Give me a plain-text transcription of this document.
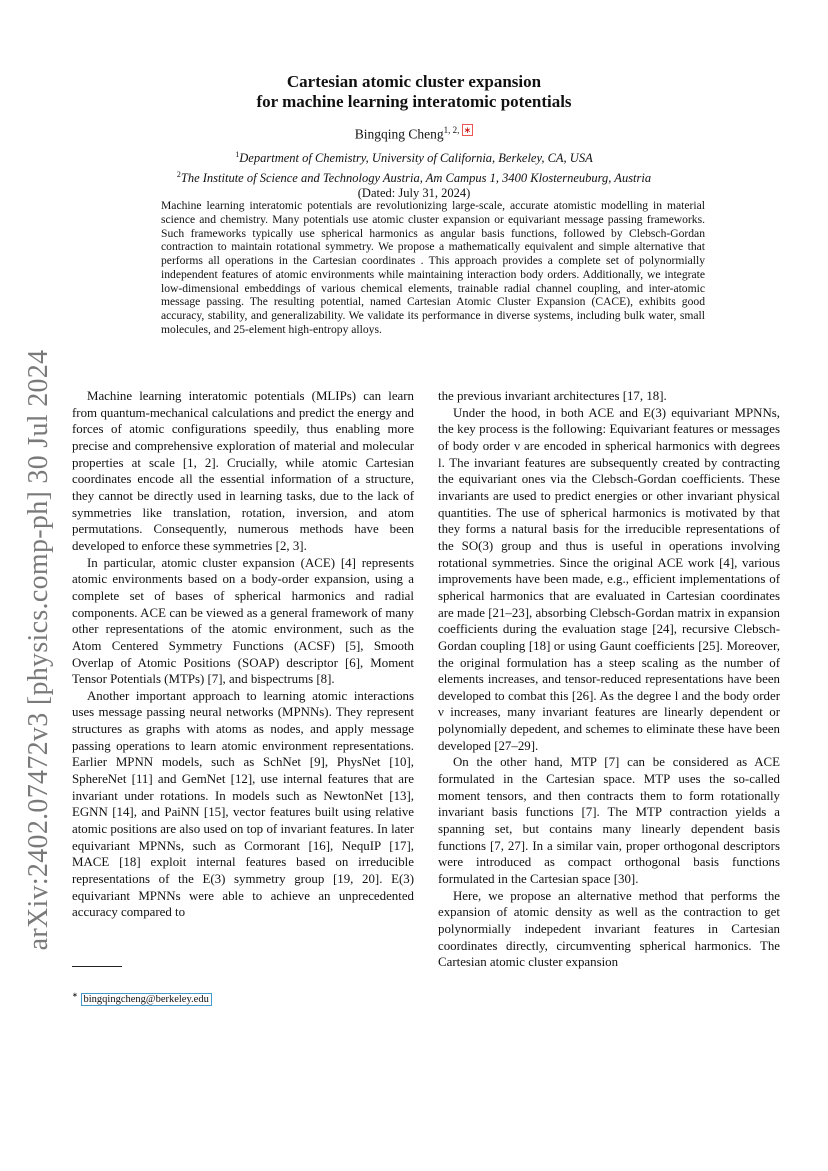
arXiv:2402.07472v3 [physics.comp-ph] 30 Jul 2024
Cartesian atomic cluster expansion
for machine learning interatomic potentials
Bingqing Cheng$^{1, 2, ∗}$
$^1$Department of Chemistry, University of California, Berkeley, CA, USA
$^2$The Institute of Science and Technology Austria, Am Campus 1, 3400 Klosterneuburg, Austria
(Dated: July 31, 2024)
Machine learning interatomic potentials are revolutionizing large-scale, accurate atomistic modelling in material science and chemistry. Many potentials use atomic cluster expansion or equivariant message passing frameworks. Such frameworks typically use spherical harmonics as angular basis functions, followed by Clebsch-Gordan contraction to maintain rotational symmetry. We propose a mathematically equivalent and simple alternative that performs all operations in the Cartesian coordinates . This approach provides a complete set of polynormially independent features of atomic environments while maintaining interaction body orders. Additionally, we integrate low-dimensional embeddings of various chemical elements, trainable radial channel coupling, and inter-atomic message passing. The resulting potential, named Cartesian Atomic Cluster Expansion (CACE), exhibits good accuracy, stability, and generalizability. We validate its performance in diverse systems, including bulk water, small molecules, and 25-element high-entropy alloys.

Machine learning interatomic potentials (MLIPs) can learn from quantum-mechanical calculations and predict the energy and forces of atomic configurations speedily, thus enabling more precise and comprehensive exploration of material and molecular properties at scale [1, 2]. Crucially, while atomic Cartesian coordinates encode all the essential information of a structure, they cannot be directly used in learning tasks, due to the lack of symmetries like translation, rotation, inversion, and atom permutations. Consequently, numerous methods have been developed to enforce these symmetries [2, 3].

In particular, atomic cluster expansion (ACE) [4] represents atomic environments based on a body-order expansion, using a complete set of bases of spherical harmonics and radial components. ACE can be viewed as a general framework of many other representations of the atomic environment, such as the Atom Centered Symmetry Functions (ACSF) [5], Smooth Overlap of Atomic Positions (SOAP) descriptor [6], Moment Tensor Potentials (MTPs) [7], and bispectrums [8].

Another important approach to learning atomic interactions uses message passing neural networks (MPNNs). They represent structures as graphs with atoms as nodes, and apply message passing operations to learn atomic environment representations. Earlier MPNN models, such as SchNet [9], PhysNet [10], SphereNet [11] and GemNet [12], use internal features that are invariant under rotations. In models such as NewtonNet [13], EGNN [14], and PaiNN [15], vector features built using relative atomic positions are also used on top of invariant features. In later equivariant MPNNs, such as Cormorant [16], NequIP [17], MACE [18] exploit internal features based on irreducible representations of the E(3) symmetry group [19, 20]. E(3) equivariant MPNNs were able to achieve an unprecedented accuracy compared to

the previous invariant architectures [17, 18].

Under the hood, in both ACE and E(3) equivariant MPNNs, the key process is the following: Equivariant features or messages of body order ν are encoded in spherical harmonics with degrees l. The invariant features are subsequently created by contracting the equivariant ones via the Clebsch-Gordan coefficients. These invariants are used to predict energies or other invariant physical quantities. The use of spherical harmonics is motivated by that they forms a natural basis for the irreducible representations of the SO(3) group and thus is useful in operations involving rotational symmetries. Since the original ACE work [4], various improvements have been made, e.g., efficient implementations of spherical harmonics that are evaluated in Cartesian coordinates are made [21–23], absorbing Clebsch-Gordan matrix in expansion coefficients during the evaluation stage [24], recursive Clebsch-Gordan coupling [18] or using Gaunt coefficients [25]. Moreover, the original formulation has a steep scaling as the number of elements increases, and tensor-reduced representations have been developed to combat this [26]. As the degree l and the body order ν increases, many invariant features are linearly dependent or polynomially depedent, and schemes to eliminate these have been developed [27–29].

On the other hand, MTP [7] can be considered as ACE formulated in the Cartesian space. MTP uses the so-called moment tensors, and then contracts them to form rotationally invariant basis functions [7]. The MTP contraction yields a spanning set, but contains many linearly dependent basis functions [7, 27]. In a similar vain, proper orthogonal descriptors were introduced as compact orthogonal basis functions formulated in the Cartesian space [30].

Here, we propose an alternative method that performs the expansion of atomic density as well as the contraction to get polynormially indepedent invariant features in Cartesian coordinates directly, circumventing spherical harmonics. The Cartesian atomic cluster expansion

∗ bingqingcheng@berkeley.edu
